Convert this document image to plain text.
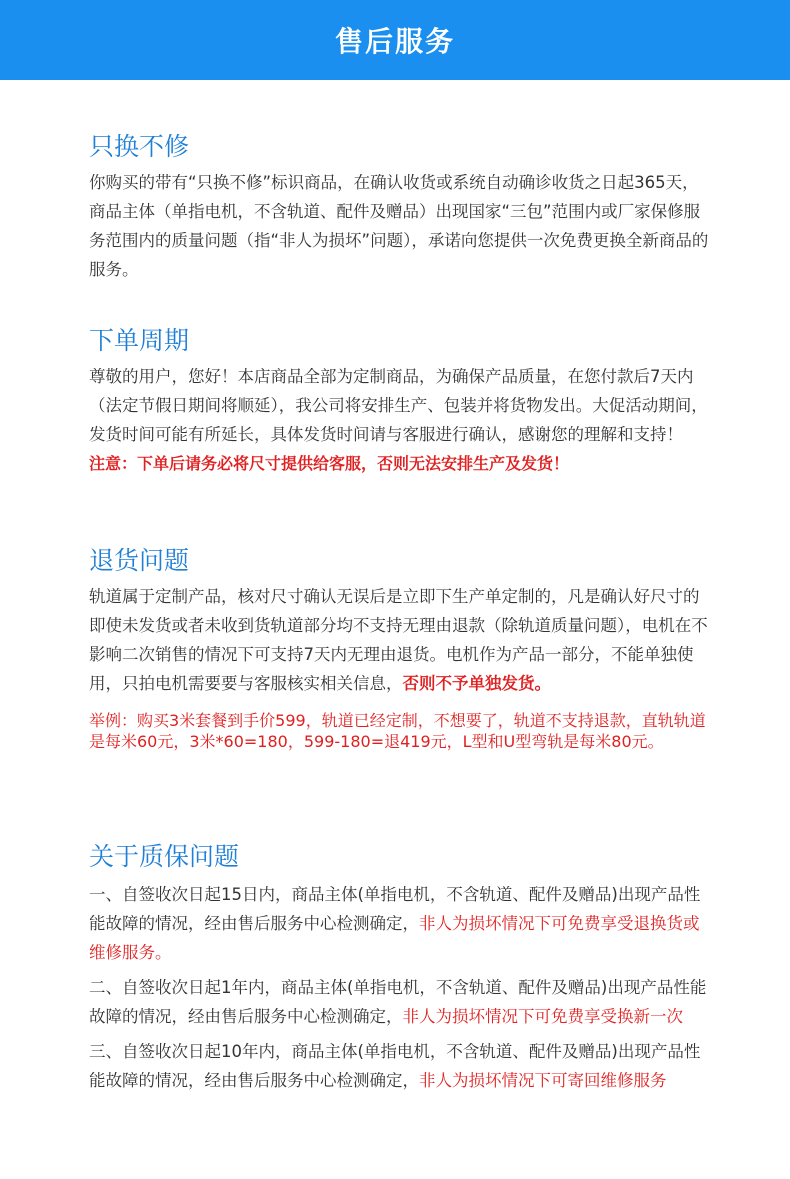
售后服务
只换不修

你购买的带有“只换不修”标识商品，在确认收货或系统自动确诊收货之日起365天，商品主体（单指电机，不含轨道、配件及赠品）出现国家“三包”范围内或厂家保修服务范围内的质量问题（指“非人为损坏”问题），承诺向您提供一次免费更换全新商品的服务。

下单周期

尊敬的用户，您好！本店商品全部为定制商品，为确保产品质量，在您付款后7天内（法定节假日期间将顺延），我公司将安排生产、包装并将货物发出。大促活动期间，发货时间可能有所延长，具体发货时间请与客服进行确认，感谢您的理解和支持！

注意：下单后请务必将尺寸提供给客服，否则无法安排生产及发货！

退货问题

轨道属于定制产品，核对尺寸确认无误后是立即下生产单定制的，凡是确认好尺寸的即使未发货或者未收到货轨道部分均不支持无理由退款（除轨道质量问题），电机在不影响二次销售的情况下可支持7天内无理由退货。电机作为产品一部分，不能单独使用，只拍电机需要要与客服核实相关信息，否则不予单独发货。

举例：购买3米套餐到手价599，轨道已经定制，不想要了，轨道不支持退款，直轨轨道是每米60元，3米*60=180，599-180=退419元，L型和U型弯轨是每米80元。

关于质保问题

一、自签收次日起15日内，商品主体(单指电机，不含轨道、配件及赠品)出现产品性能故障的情况，经由售后服务中心检测确定，非人为损坏情况下可免费享受退换货或维修服务。

二、自签收次日起1年内，商品主体(单指电机，不含轨道、配件及赠品)出现产品性能故障的情况，经由售后服务中心检测确定，非人为损坏情况下可免费享受换新一次

三、自签收次日起10年内，商品主体(单指电机，不含轨道、配件及赠品)出现产品性能故障的情况，经由售后服务中心检测确定，非人为损坏情况下可寄回维修服务
